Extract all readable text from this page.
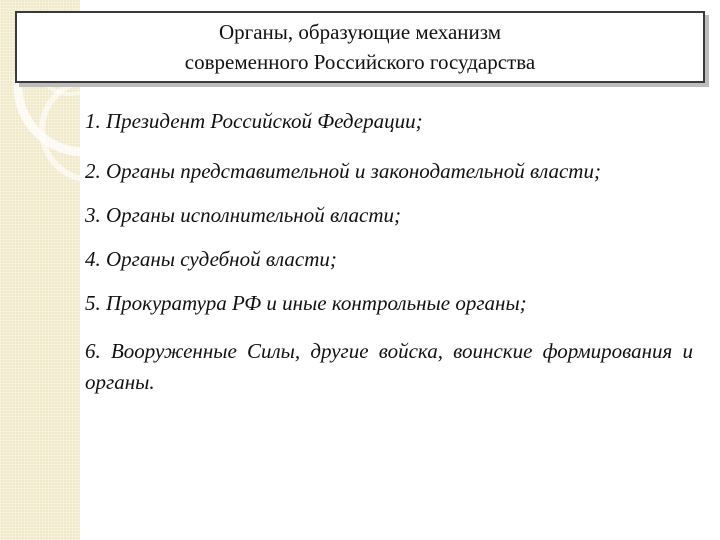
Органы, образующие механизм
современного Российского государства

1. Президент Российской Федерации;

2. Органы представительной и законодательной власти;

3. Органы исполнительной власти;

4. Органы судебной власти;

5. Прокуратура РФ и иные контрольные органы;

6. Вооруженные Силы, другие войска, воинские формирования и органы.
